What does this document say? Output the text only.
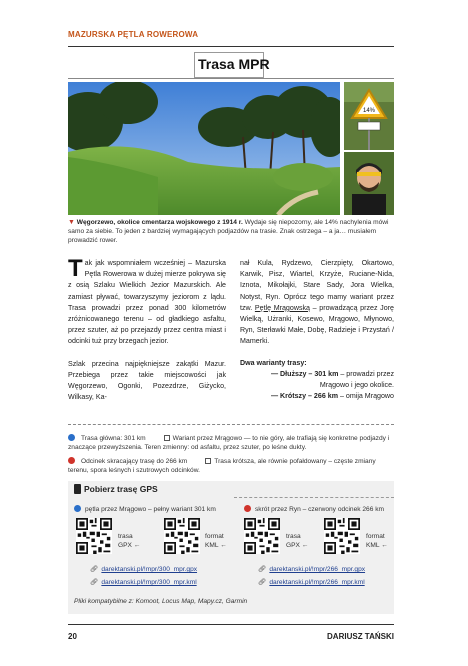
MAZURSKA PĘTLA ROWEROWA
Trasa MPR
14%
▼ Węgorzewo, okolice cmentarza wojskowego z 1914 r. Wydaje się niepozorny, ale 14% nachylenia mówi samo za siebie. To jeden z bardziej wymagających podjazdów na trasie. Znak ostrzega – a ja… musiałem prowadzić rower.

Tak jak wspomniałem wcześniej – Mazurska Pętla Rowerowa w dużej mierze pokrywa się z osią Szlaku Wielkich Jezior Mazurskich. Ale zamiast pływać, towarzyszymy jeziorom z lądu. Trasa prowadzi przez ponad 300 kilometrów zróżnicowanego terenu – od gładkiego asfaltu, przez szuter, aż po przejazdy przez centra miast i odcinki tuż przy brzegach jezior.

Szlak przecina najpiękniejsze zakątki Mazur. Przebiega przez takie miejscowości jak Węgorzewo, Ogonki, Pozezdrze, Giżycko, Wilkasy, Ka-

nał Kula, Rydzewo, Cierzpięty, Okartowo, Karwik, Pisz, Wiartel, Krzyże, Ruciane-Nida, Iznota, Mikołajki, Stare Sady, Jora Wielka, Notyst, Ryn. Oprócz tego mamy wariant przez tzw. Pętlę Mrągowską – prowadzącą przez Jorę Wielką, Użranki, Kosewo, Mrągowo, Młynowo, Ryn, Sterławki Małe, Dobę, Radzieje i Przystań / Mamerki.
Dwa warianty trasy:
— Dłuższy – 301 km – prowadzi przez Mrągowo i jego okolice.
— Krótszy – 266 km – omija Mrągowo
Trasa główna: 301 km	Wariant przez Mrągowo — to nie góry, ale trafiają się konkretne podjazdy i znaczące przewyższenia. Teren zmienny: od asfaltu, przez szuter, po leśne dukty.
Odcinek skracający trasę do 266 km	Trasa krótsza, ale równie pofałdowany – częste zmiany terenu, spora leśnych i szutrowych odcinków.
Pobierz trasę GPS
pętla przez Mrągowo – pełny wariant 301 km	skrót przez Ryn – czerwony odcinek 266 km
trasa
GPX ←
format
KML ←
trasa
GPX ←
format
KML ←
🔗︎ darektanski.pl/!mpr/300_mpr.gpx
🔗︎ darektanski.pl/!mpr/300_mpr.kml
🔗︎ darektanski.pl/!mpr/266_mpr.gpx
🔗︎ darektanski.pl/!mpr/266_mpr.kml
Pliki kompatybilne z: Komoot, Locus Map, Mapy.cz, Garmin
20	DARIUSZ TAŃSKI
